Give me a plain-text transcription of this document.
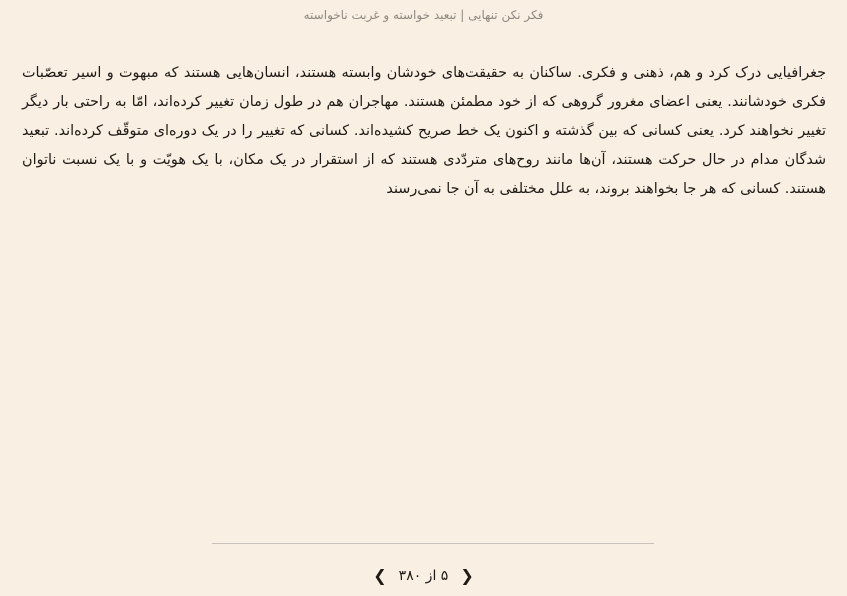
فکر نکن تنهایی | تبعید خواسته و غربت ناخواسته

جغرافیایی درک کرد و هم، ذهنی و فکری. ساکنان به حقیقت‌های خودشان وابسته هستند، انسان‌هایی هستند که مبهوت و اسیر تعصّبات فکری خودشانند. یعنی اعضای مغرور گروهی که از خود مطمئن هستند. مهاجران هم در طول زمان تغییر کرده‌اند، امّا به راحتی بار دیگر تغییر نخواهند کرد. یعنی کسانی که بین گذشته و اکنون یک خط صریح کشیده‌اند. کسانی که تغییر را در یک دوره‌ای متوقّف کرده‌اند. تبعید شدگان مدام در حال حرکت هستند، آن‌ها مانند روح‌های متردّدی هستند که از استقرار در یک مکان، با یک هویّت و با یک نسبت ناتوان هستند. کسانی که هر جا بخواهند بروند، به علل مختلفی به آن جا نمی‌رسند

❮ ۵ از ۳۸۰ ❯
